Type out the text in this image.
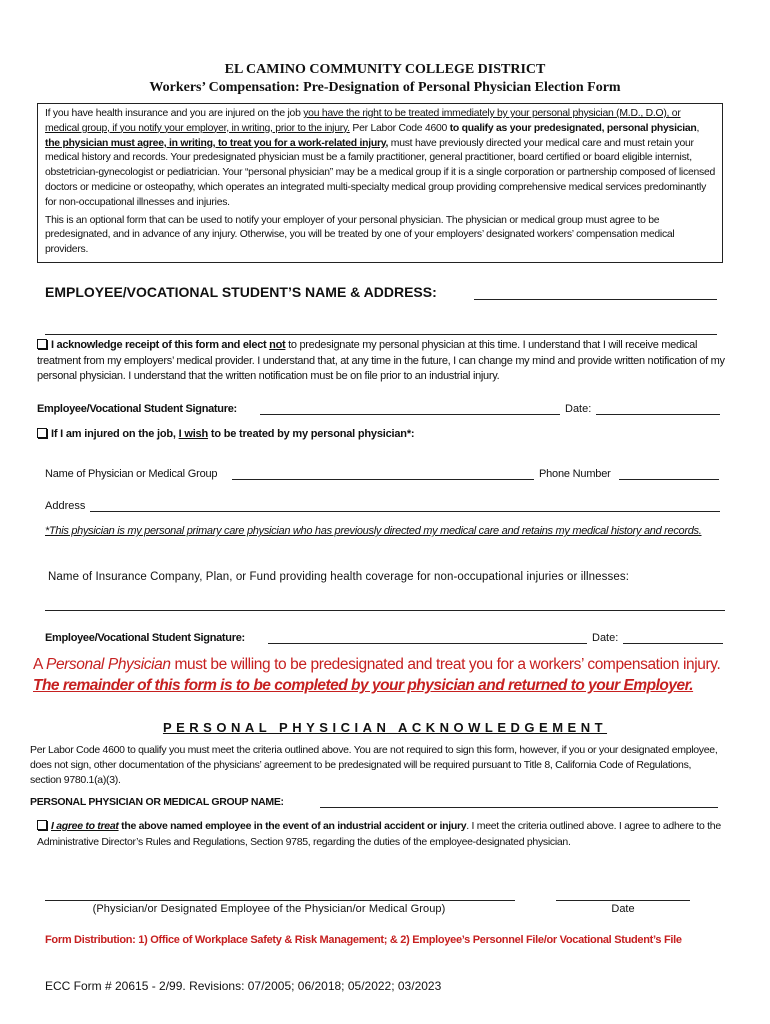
EL CAMINO COMMUNITY COLLEGE DISTRICT
Workers’ Compensation: Pre-Designation of Personal Physician Election Form

If you have health insurance and you are injured on the job you have the right to be treated immediately by your personal physician (M.D., D.O), or medical group, if you notify your employer, in writing, prior to the injury. Per Labor Code 4600 to qualify as your predesignated, personal physician, the physician must agree, in writing, to treat you for a work-related injury, must have previously directed your medical care and must retain your medical history and records. Your predesignated physician must be a family practitioner, general practitioner, board certified or board eligible internist, obstetrician-gynecologist or pediatrician. Your “personal physician” may be a medical group if it is a single corporation or partnership composed of licensed doctors or medicine or osteopathy, which operates an integrated multi-specialty medical group providing comprehensive medical services predominantly for non-occupational illnesses and injuries.

This is an optional form that can be used to notify your employer of your personal physician. The physician or medical group must agree to be predesignated, and in advance of any injury. Otherwise, you will be treated by one of your employers’ designated workers’ compensation medical providers.

EMPLOYEE/VOCATIONAL STUDENT’S NAME & ADDRESS:
I acknowledge receipt of this form and elect not to predesignate my personal physician at this time. I understand that I will receive medical treatment from my employers’ medical provider. I understand that, at any time in the future, I can change my mind and provide written notification of my personal physician. I understand that the written notification must be on file prior to an industrial injury.
Employee/Vocational Student Signature:	Date:
If I am injured on the job, I wish to be treated by my personal physician*:
Name of Physician or Medical Group	Phone Number
Address
*This physician is my personal primary care physician who has previously directed my medical care and retains my medical history and records.
Name of Insurance Company, Plan, or Fund providing health coverage for non-occupational injuries or illnesses:
Employee/Vocational Student Signature:	Date:
A Personal Physician must be willing to be predesignated and treat you for a workers’ compensation injury.
The remainder of this form is to be completed by your physician and returned to your Employer.
PERSONAL PHYSICIAN ACKNOWLEDGEMENT
Per Labor Code 4600 to qualify you must meet the criteria outlined above. You are not required to sign this form, however, if you or your designated employee, does not sign, other documentation of the physicians’ agreement to be predesignated will be required pursuant to Title 8, California Code of Regulations, section 9780.1(a)(3).
PERSONAL PHYSICIAN OR MEDICAL GROUP NAME:
I agree to treat the above named employee in the event of an industrial accident or injury. I meet the criteria outlined above. I agree to adhere to the Administrative Director’s Rules and Regulations, Section 9785, regarding the duties of the employee-designated physician.
(Physician/or Designated Employee of the Physician/or Medical Group)	Date
Form Distribution: 1) Office of Workplace Safety & Risk Management; & 2) Employee’s Personnel File/or Vocational Student’s File
ECC Form # 20615 - 2/99. Revisions: 07/2005; 06/2018; 05/2022; 03/2023
